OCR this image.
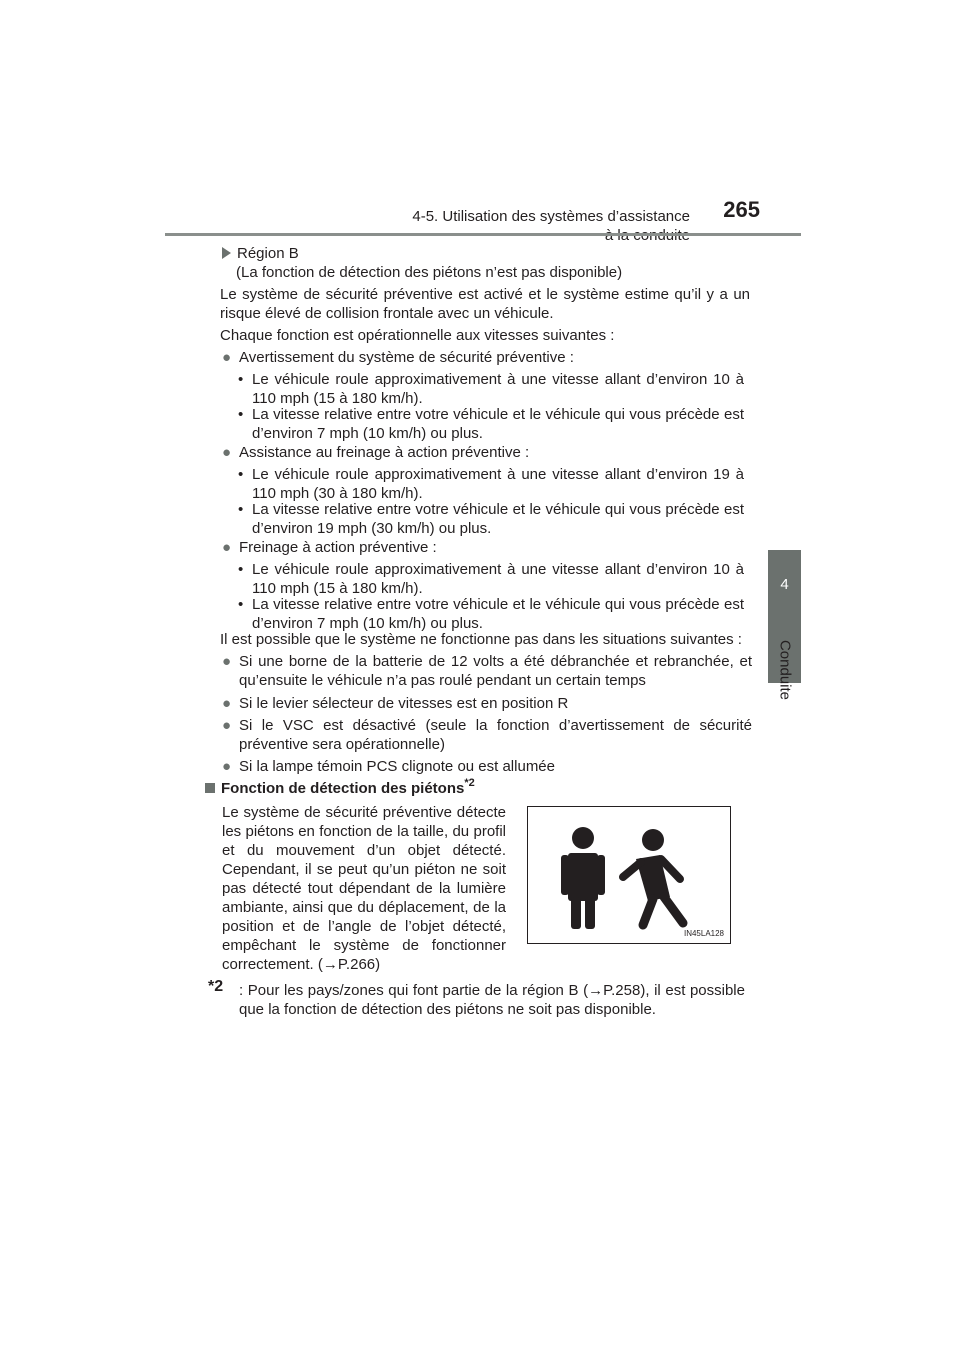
4-5. Utilisation des systèmes d’assistance	265
4
Conduite
Région B
(La fonction de détection des piétons n’est pas disponible)
Le système de sécurité préventive est activé et le système estime qu’il y a un risque élevé de collision frontale avec un véhicule.
Chaque fonction est opérationnelle aux vitesses suivantes :
● Avertissement du système de sécurité préventive :
• Le véhicule roule approximativement à une vitesse allant d’environ 10 à 110 mph (15 à 180 km/h).
• La vitesse relative entre votre véhicule et le véhicule qui vous précède est d’environ 7 mph (10 km/h) ou plus.
● Assistance au freinage à action préventive :
• Le véhicule roule approximativement à une vitesse allant d’environ 19 à 110 mph (30 à 180 km/h).
• La vitesse relative entre votre véhicule et le véhicule qui vous précède est d’environ 19 mph (30 km/h) ou plus.
● Freinage à action préventive :
• Le véhicule roule approximativement à une vitesse allant d’environ 10 à 110 mph (15 à 180 km/h).
• La vitesse relative entre votre véhicule et le véhicule qui vous précède est d’environ 7 mph (10 km/h) ou plus.
Il est possible que le système ne fonctionne pas dans les situations suivantes :
● Si une borne de la batterie de 12 volts a été débranchée et rebranchée, et qu’ensuite le véhicule n’a pas roulé pendant un certain temps
● Si le levier sélecteur de vitesses est en position R
● Si le VSC est désactivé (seule la fonction d’avertissement de sécurité préventive sera opérationnelle)
● Si la lampe témoin PCS clignote ou est allumée
Fonction de détection des piétons$^{*2}$
Le système de sécurité préventive détecte les piétons en fonction de la taille, du profil et du mouvement d’un objet détecté. Cependant, il se peut qu’un piéton ne soit pas détecté tout dépendant de la lumière ambiante, ainsi que du déplacement, de la position et de l’angle de l’objet détecté, empêchant le système de fonctionner correctement. (→P.266)
IN45LA128
*2	: Pour les pays/zones qui font partie de la région B (→P.258), il est possible que la fonction de détection des piétons ne soit pas disponible.
